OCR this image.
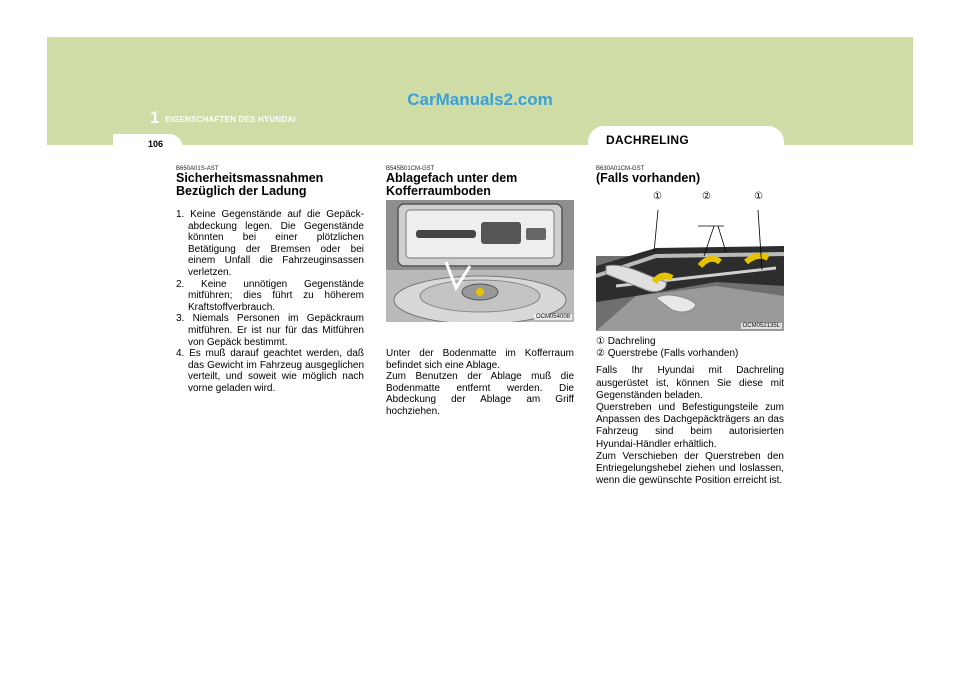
CarManuals2.com
1 EIGENSCHAFTEN DES HYUNDAI
106	DACHRELING
B650A01S-AST
Sicherheitsmassnahmen
Bezüglich der Ladung
1. Keine Gegenstände auf die Gepäck-abdeckung legen. Die Gegenstände könnten bei einer plötzlichen Betätigung der Bremsen oder bei einem Unfall die Fahrzeuginsassen verletzen.
2. Keine unnötigen Gegenstände mitführen; dies führt zu höherem Kraftstoffverbrauch.
3. Niemals Personen im Gepäckraum mitführen. Er ist nur für das Mitführen von Gepäck bestimmt.
4. Es muß darauf geachtet werden, daß das Gewicht im Fahrzeug ausgeglichen verteilt, und soweit wie möglich nach vorne geladen wird.
B545B01CM-GST
Ablagefach unter dem
Kofferraumboden
OCM054008

Unter der Bodenmatte im Kofferraum befindet sich eine Ablage.

Zum Benutzen der Ablage muß die Bodenmatte entfernt werden. Die Abdeckung der Ablage am Griff hochziehen.

B630A01CM-GST
(Falls vorhanden)
①	②	①
OCM052135L

① Dachreling

② Querstrebe (Falls vorhanden)

Falls Ihr Hyundai mit Dachreling ausgerüstet ist, können Sie diese mit Gegenständen beladen.

Querstreben und Befestigungsteile zum Anpassen des Dachgepäckträgers an das Fahrzeug sind beim autorisierten Hyundai-Händler erhältlich.

Zum Verschieben der Querstreben den Entriegelungshebel ziehen und loslassen, wenn die gewünschte Position erreicht ist.
